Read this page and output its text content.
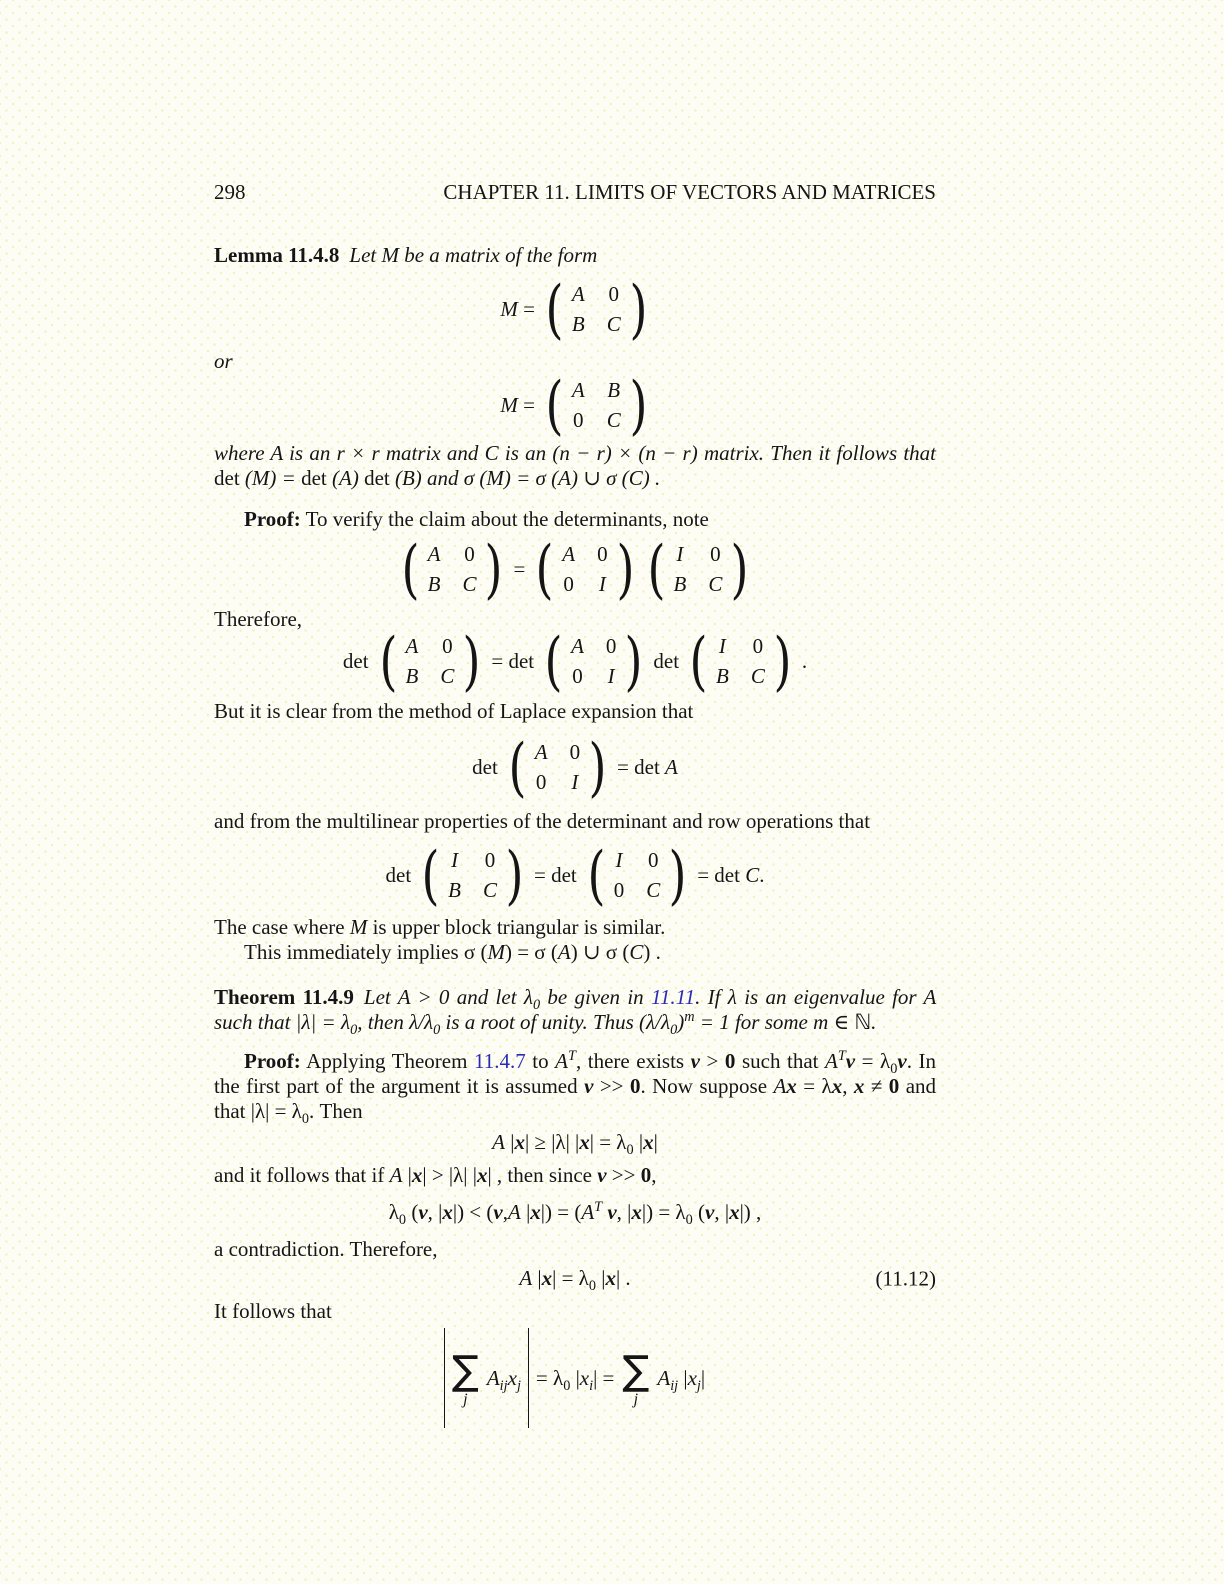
298	CHAPTER 11. LIMITS OF VECTORS AND MATRICES

Lemma 11.4.8 Let M be a matrix of the form

M = ( A 0
B C )

or

M = ( A B
0 C )

where A is an r × r matrix and C is an (n − r) × (n − r) matrix. Then it follows that det (M) = det (A) det (B) and σ (M) = σ (A) ∪ σ (C) .

Proof: To verify the claim about the determinants, note

( A 0
B C ) = ( A 0
0 I ) ( I 0
B C )

Therefore,

det ( A 0
B C ) = det ( A 0
0 I ) det ( I 0
B C ) .

But it is clear from the method of Laplace expansion that

det ( A 0
0 I ) = det A

and from the multilinear properties of the determinant and row operations that

det ( I 0
B C ) = det ( I 0
0 C ) = det C.

The case where M is upper block triangular is similar.

This immediately implies σ (M) = σ (A) ∪ σ (C) .

Theorem 11.4.9 Let A > 0 and let $\lambda_0$ be given in 11.11. If λ is an eigenvalue for A such that $|\lambda| = \lambda_0$, then $\lambda/\lambda_0$ is a root of unity. Thus $(\lambda/\lambda_0)^m = 1$ for some m ∈ ℕ.

Proof: Applying Theorem 11.4.7 to $A^T$, there exists v > 0 such that $A^Tv = \lambda_0v$. In the first part of the argument it is assumed v >> 0. Now suppose Ax = λx, x ≠ 0 and that $|\lambda| = \lambda_0$. Then

A |x| ≥ |λ| $|x| = \lambda_0$ |x|

and it follows that if A |x| > |λ| |x| , then since v >> 0,

$\lambda_0$ (v, |x|) < (v,A $|x|) = (A^T$ v, $|x|) = \lambda_0$ (v, |x|) ,

a contradiction. Therefore,

A $|x| = \lambda_0$ |x| .	(11.12)

It follows that

∑
j
$A_{ij}x_j = \lambda_0$ $|x_i|$ = ∑
j
$A_{ij}$ $|x_j|$
